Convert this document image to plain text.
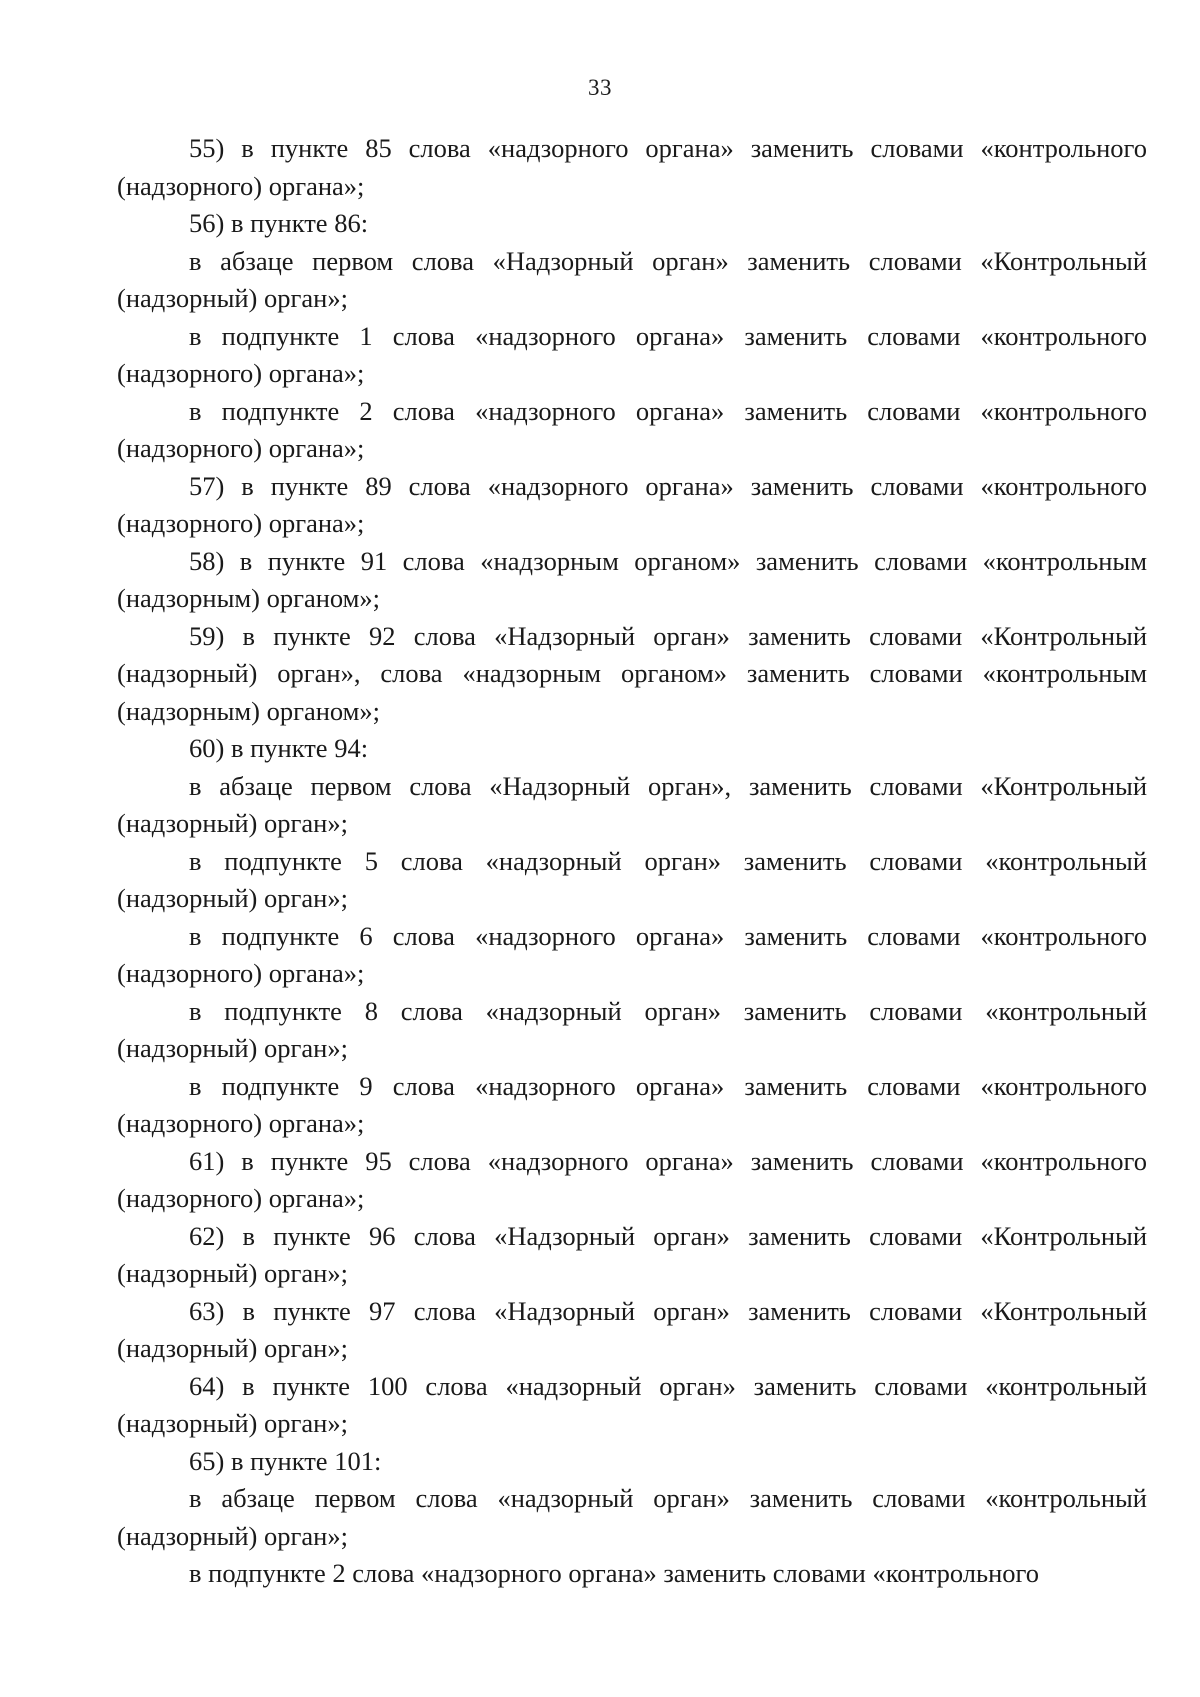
33

55) в пункте 85 слова «надзорного органа» заменить словами «контрольного (надзорного) органа»;

56) в пункте 86:

в абзаце первом слова «Надзорный орган» заменить словами «Контрольный (надзорный) орган»;

в подпункте 1 слова «надзорного органа» заменить словами «контрольного (надзорного) органа»;

в подпункте 2 слова «надзорного органа» заменить словами «контрольного (надзорного) органа»;

57) в пункте 89 слова «надзорного органа» заменить словами «контрольного (надзорного) органа»;

58) в пункте 91 слова «надзорным органом» заменить словами «контрольным (надзорным) органом»;

59) в пункте 92 слова «Надзорный орган» заменить словами «Контрольный (надзорный) орган», слова «надзорным органом» заменить словами «контрольным (надзорным) органом»;

60) в пункте 94:

в абзаце первом слова «Надзорный орган», заменить словами «Контрольный (надзорный) орган»;

в подпункте 5 слова «надзорный орган» заменить словами «контрольный (надзорный) орган»;

в подпункте 6 слова «надзорного органа» заменить словами «контрольного (надзорного) органа»;

в подпункте 8 слова «надзорный орган» заменить словами «контрольный (надзорный) орган»;

в подпункте 9 слова «надзорного органа» заменить словами «контрольного (надзорного) органа»;

61) в пункте 95 слова «надзорного органа» заменить словами «контрольного (надзорного) органа»;

62) в пункте 96 слова «Надзорный орган» заменить словами «Контрольный (надзорный) орган»;

63) в пункте 97 слова «Надзорный орган» заменить словами «Контрольный (надзорный) орган»;

64) в пункте 100 слова «надзорный орган» заменить словами «контрольный (надзорный) орган»;

65) в пункте 101:

в абзаце первом слова «надзорный орган» заменить словами «контрольный (надзорный) орган»;

в подпункте 2 слова «надзорного органа» заменить словами «контрольного
